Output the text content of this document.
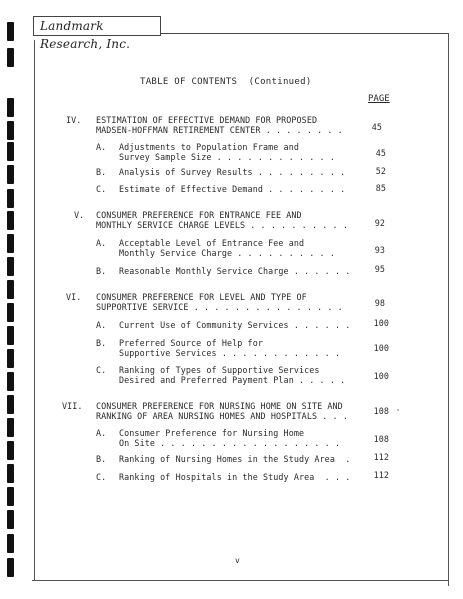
Landmark Research, Inc.
TABLE OF CONTENTS  (Continued)
PAGE
IV. ESTIMATION OF EFFECTIVE DEMAND FOR PROPOSED
MADSEN-HOFFMAN RETIREMENT CENTER . . . . . . . .	45
A. Adjustments to Population Frame and
Survey Sample Size . . . . . . . . . . . .	45
B. Analysis of Survey Results . . . . . . . . .	52
C. Estimate of Effective Demand . . . . . . . .	85
V. CONSUMER PREFERENCE FOR ENTRANCE FEE AND
MONTHLY SERVICE CHARGE LEVELS . . . . . . . . . .	92
A. Acceptable Level of Entrance Fee and
Monthly Service Charge . . . . . . . . . .	93
B. Reasonable Monthly Service Charge . . . . . .	95
VI. CONSUMER PREFERENCE FOR LEVEL AND TYPE OF
SUPPORTIVE SERVICE . . . . . . . . . . . . . . .	98
A. Current Use of Community Services . . . . . .	100
B. Preferred Source of Help for
Supportive Services . . . . . . . . . . . .	100
C. Ranking of Types of Supportive Services
Desired and Preferred Payment Plan . . . . .	100
VII. CONSUMER PREFERENCE FOR NURSING HOME ON SITE AND
RANKING OF AREA NURSING HOMES AND HOSPITALS . . .	108
A. Consumer Preference for Nursing Home
On Site . . . . . . . . . . . . . . . . . .	108
B. Ranking of Nursing Homes in the Study Area  .	112
C. Ranking of Hospitals in the Study Area  . . .	112
v
